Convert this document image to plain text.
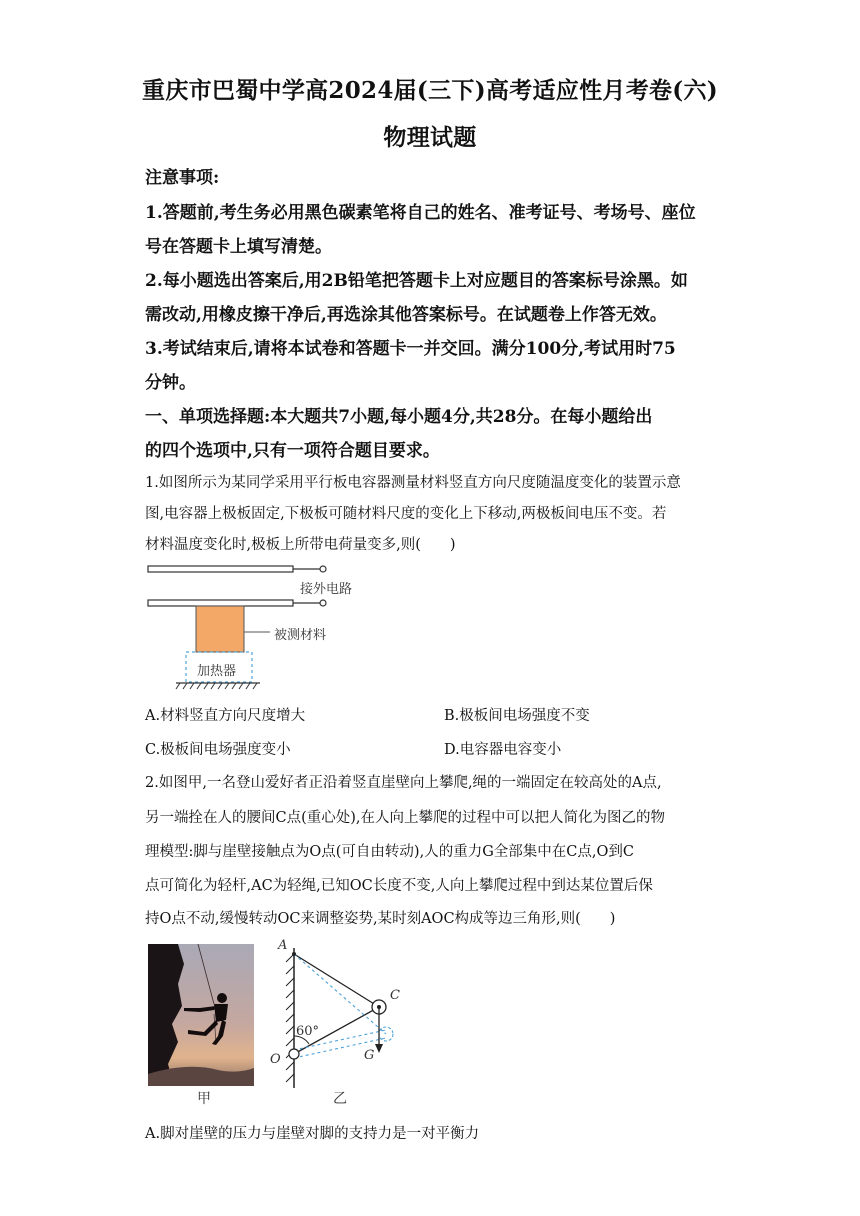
重庆市巴蜀中学高2024届(三下)高考适应性月考卷(六)
物理试题
注意事项:
1.答题前,考生务必用黑色碳素笔将自己的姓名、准考证号、考场号、座位
号在答题卡上填写清楚。
2.每小题选出答案后,用2B铅笔把答题卡上对应题目的答案标号涂黑。如
需改动,用橡皮擦干净后,再选涂其他答案标号。在试题卷上作答无效。
3.考试结束后,请将本试卷和答题卡一并交回。满分100分,考试用时75
分钟。
一、单项选择题:本大题共7小题,每小题4分,共28分。在每小题给出
的四个选项中,只有一项符合题目要求。
1.如图所示为某同学采用平行板电容器测量材料竖直方向尺度随温度变化的装置示意
图,电容器上极板固定,下极板可随材料尺度的变化上下移动,两极板间电压不变。若
材料温度变化时,极板上所带电荷量变多,则(　　)
接外电路
被测材料
加热器
A.材料竖直方向尺度增大	B.极板间电场强度不变
C.极板间电场强度变小	D.电容器电容变小
2.如图甲,一名登山爱好者正沿着竖直崖壁向上攀爬,绳的一端固定在较高处的A点,
另一端拴在人的腰间C点(重心处),在人向上攀爬的过程中可以把人简化为图乙的物
理模型:脚与崖壁接触点为O点(可自由转动),人的重力G全部集中在C点,O到C
点可简化为轻杆,AC为轻绳,已知OC长度不变,人向上攀爬过程中到达某位置后保
持O点不动,缓慢转动OC来调整姿势,某时刻AOC构成等边三角形,则(　　)
A
C
O	G
60°
甲	乙
A.脚对崖壁的压力与崖壁对脚的支持力是一对平衡力
